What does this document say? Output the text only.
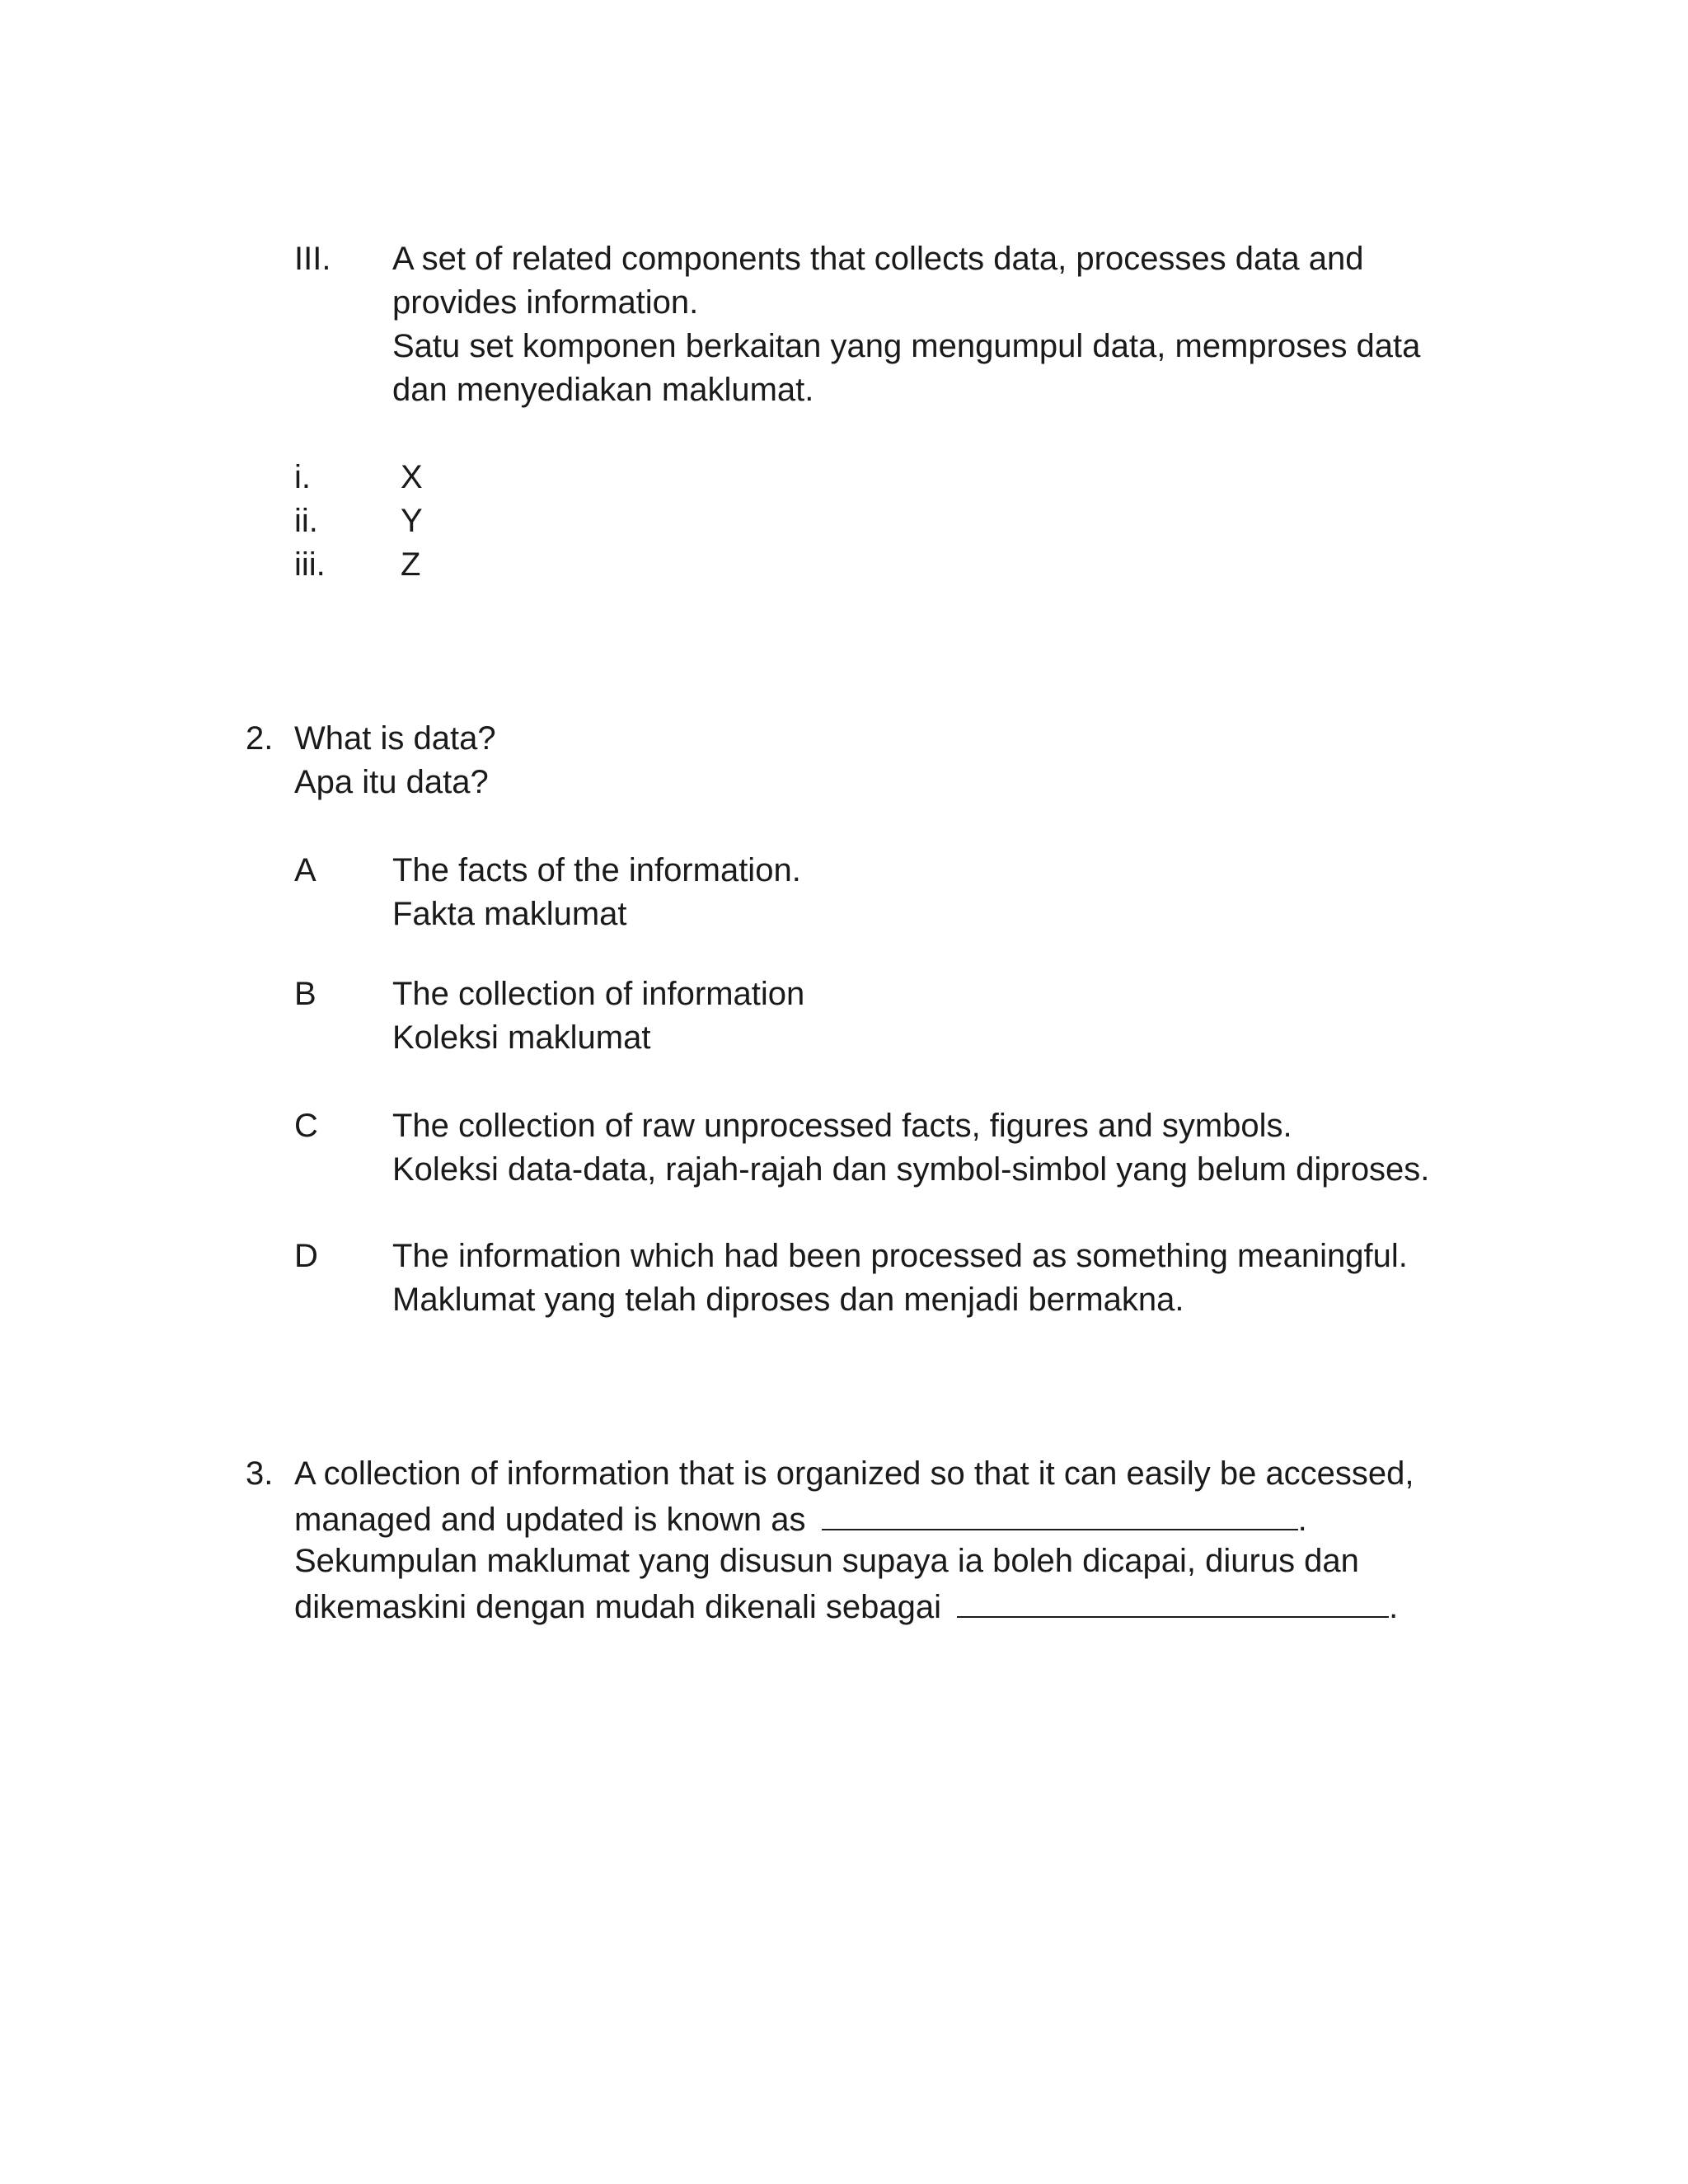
III. A set of related components that collects data, processes data and
provides information.
Satu set komponen berkaitan yang mengumpul data, memproses data
dan menyediakan maklumat.
i.	X
ii.	Y
iii. Z
2. What is data?
Apa itu data?
A The facts of the information.
Fakta maklumat
B The collection of information
Koleksi maklumat
C The collection of raw unprocessed facts, figures and symbols.
Koleksi data-data, rajah-rajah dan symbol-simbol yang belum diproses.
D The information which had been processed as something meaningful.
Maklumat yang telah diproses dan menjadi bermakna.
3. A collection of information that is organized so that it can easily be accessed,
managed and updated is known as	.
Sekumpulan maklumat yang disusun supaya ia boleh dicapai, diurus dan
dikemaskini dengan mudah dikenali sebagai	.
